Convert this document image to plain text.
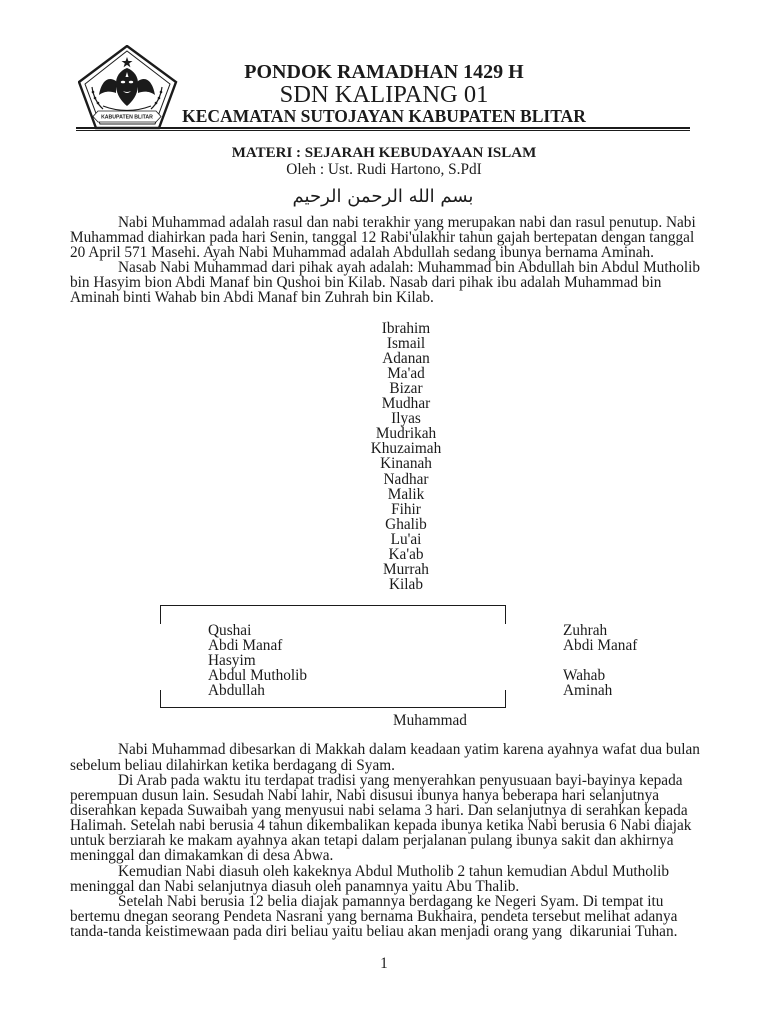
KABUPATEN BLITAR
PONDOK RAMADHAN 1429 H
SDN KALIPANG 01
KECAMATAN SUTOJAYAN KABUPATEN BLITAR
MATERI : SEJARAH KEBUDAYAAN ISLAM
Oleh : Ust. Rudi Hartono, S.PdI
بسم الله الرحمن الرحيم
Nabi Muhammad adalah rasul dan nabi terakhir yang merupakan nabi dan rasul penutup. Nabi
Muhammad diahirkan pada hari Senin, tanggal 12 Rabi'ulakhir tahun gajah bertepatan dengan tanggal
20 April 571 Masehi. Ayah Nabi Muhammad adalah Abdullah sedang ibunya bernama Aminah.
Nasab Nabi Muhammad dari pihak ayah adalah: Muhammad bin Abdullah bin Abdul Mutholib
bin Hasyim bion Abdi Manaf bin Qushoi bin Kilab. Nasab dari pihak ibu adalah Muhammad bin
Aminah binti Wahab bin Abdi Manaf bin Zuhrah bin Kilab.
Ibrahim
Ismail
Adanan
Ma'ad
Bizar
Mudhar
Ilyas
Mudrikah
Khuzaimah
Kinanah
Nadhar
Malik
Fihir
Ghalib
Lu'ai
Ka'ab
Murrah
Kilab
Qushai
Abdi Manaf
Hasyim
Abdul Mutholib
Abdullah
Zuhrah
Abdi Manaf
Wahab
Aminah
Muhammad
Nabi Muhammad dibesarkan di Makkah dalam keadaan yatim karena ayahnya wafat dua bulan
sebelum beliau dilahirkan ketika berdagang di Syam.
Di Arab pada waktu itu terdapat tradisi yang menyerahkan penyusuaan bayi-bayinya kepada
perempuan dusun lain. Sesudah Nabi lahir, Nabi disusui ibunya hanya beberapa hari selanjutnya
diserahkan kepada Suwaibah yang menyusui nabi selama 3 hari. Dan selanjutnya di serahkan kepada
Halimah. Setelah nabi berusia 4 tahun dikembalikan kepada ibunya ketika Nabi berusia 6 Nabi diajak
untuk berziarah ke makam ayahnya akan tetapi dalam perjalanan pulang ibunya sakit dan akhirnya
meninggal dan dimakamkan di desa Abwa.
Kemudian Nabi diasuh oleh kakeknya Abdul Mutholib 2 tahun kemudian Abdul Mutholib
meninggal dan Nabi selanjutnya diasuh oleh panamnya yaitu Abu Thalib.
Setelah Nabi berusia 12 belia diajak pamannya berdagang ke Negeri Syam. Di tempat itu
bertemu dnegan seorang Pendeta Nasrani yang bernama Bukhaira, pendeta tersebut melihat adanya
tanda-tanda keistimewaan pada diri beliau yaitu beliau akan menjadi orang yang  dikaruniai Tuhan.
1
